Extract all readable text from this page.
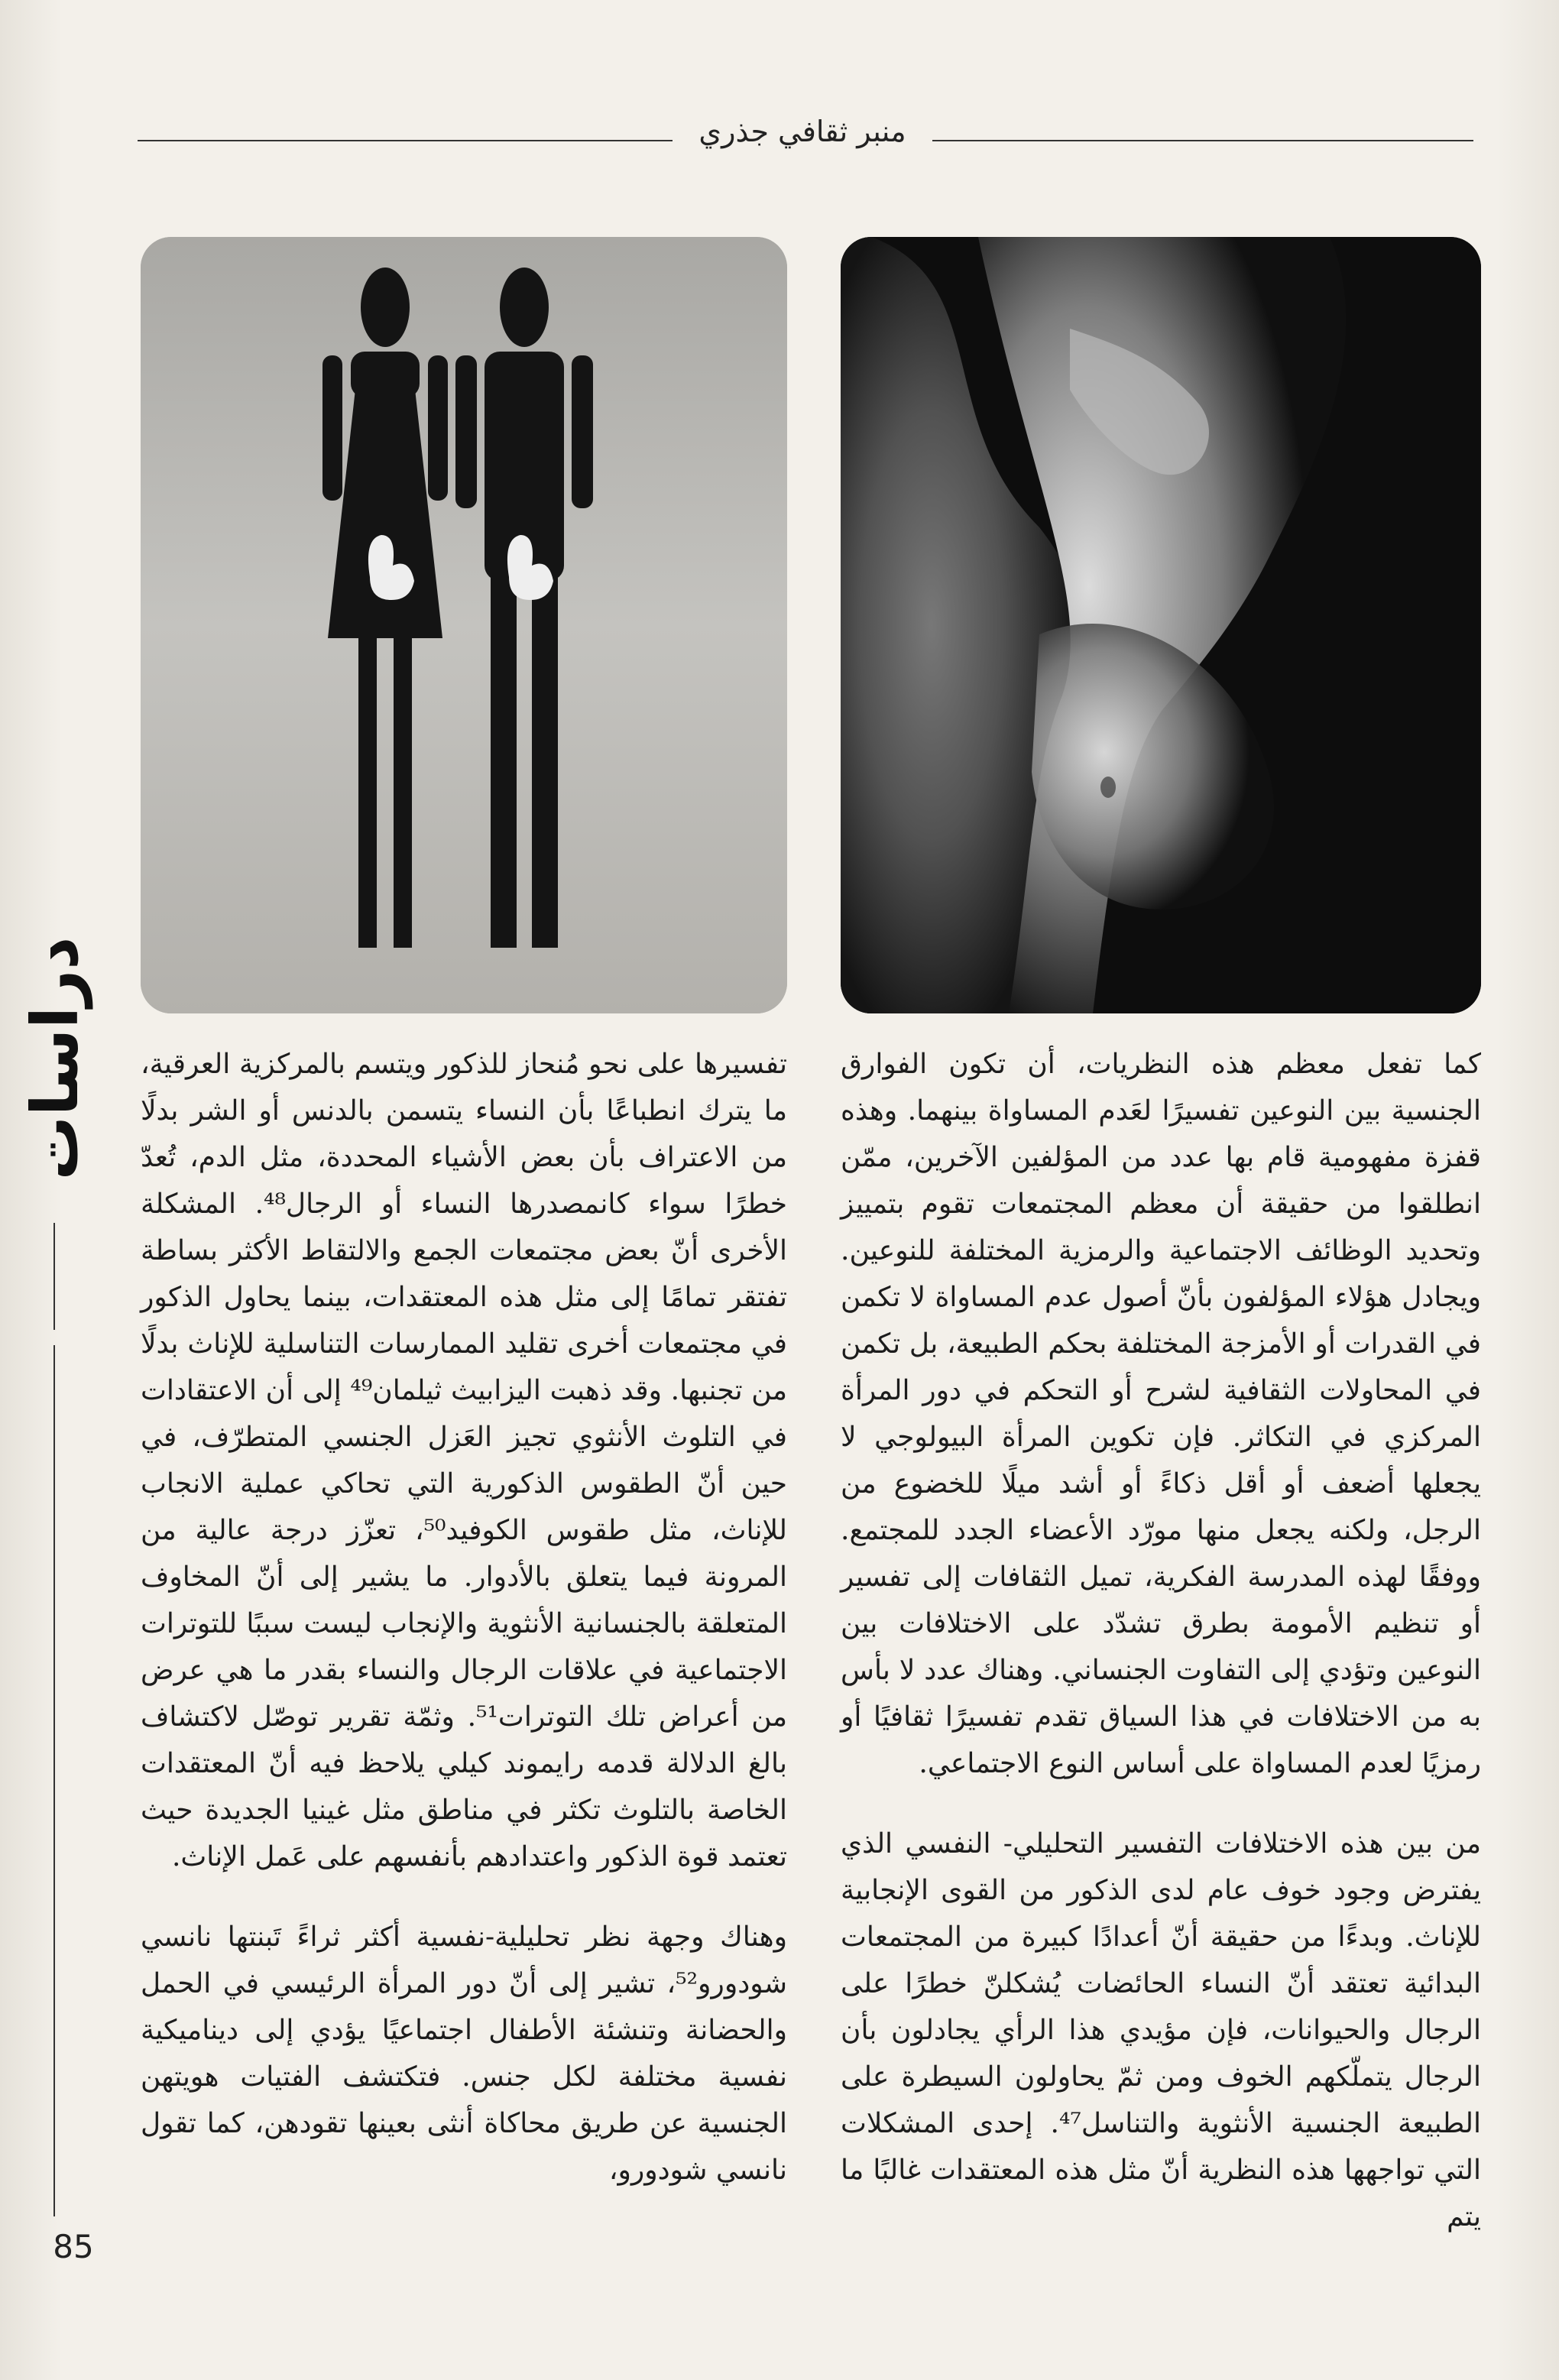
منبر ثقافي جذري
دراسات
85

كما تفعل معظم هذه النظريات، أن تكون الفوارق الجنسية بين النوعين تفسيرًا لعَدم المساواة بينهما. وهذه قفزة مفهومية قام بها عدد من المؤلفين الآخرين، ممّن انطلقوا من حقيقة أن معظم المجتمعات تقوم بتمييز وتحديد الوظائف الاجتماعية والرمزية المختلفة للنوعين. ويجادل هؤلاء المؤلفون بأنّ أصول عدم المساواة لا تكمن في القدرات أو الأمزجة المختلفة بحكم الطبيعة، بل تكمن في المحاولات الثقافية لشرح أو التحكم في دور المرأة المركزي في التكاثر. فإن تكوين المرأة البيولوجي لا يجعلها أضعف أو أقل ذكاءً أو أشد ميلًا للخضوع من الرجل، ولكنه يجعل منها مورّد الأعضاء الجدد للمجتمع. ووفقًا لهذه المدرسة الفكرية، تميل الثقافات إلى تفسير أو تنظيم الأمومة بطرق تشدّد على الاختلافات بين النوعين وتؤدي إلى التفاوت الجنساني. وهناك عدد لا بأس به من الاختلافات في هذا السياق تقدم تفسيرًا ثقافيًا أو رمزيًا لعدم المساواة على أساس النوع الاجتماعي.

من بين هذه الاختلافات التفسير التحليلي- النفسي الذي يفترض وجود خوف عام لدى الذكور من القوى الإنجابية للإناث. وبدءًا من حقيقة أنّ أعدادًا كبيرة من المجتمعات البدائية تعتقد أنّ النساء الحائضات يُشكلنّ خطرًا على الرجال والحيوانات، فإن مؤيدي هذا الرأي يجادلون بأن الرجال يتملّكهم الخوف ومن ثمّ يحاولون السيطرة على الطبيعة الجنسية الأنثوية والتناسل⁴⁷. إحدى المشكلات التي تواجهها هذه النظرية أنّ مثل هذه المعتقدات غالبًا ما يتم

تفسيرها على نحو مُنحاز للذكور ويتسم بالمركزية العرقية، ما يترك انطباعًا بأن النساء يتسمن بالدنس أو الشر بدلًا من الاعتراف بأن بعض الأشياء المحددة، مثل الدم، تُعدّ خطرًا سواء كانمصدرها النساء أو الرجال⁴⁸. المشكلة الأخرى أنّ بعض مجتمعات الجمع والالتقاط الأكثر بساطة تفتقر تمامًا إلى مثل هذه المعتقدات، بينما يحاول الذكور في مجتمعات أخرى تقليد الممارسات التناسلية للإناث بدلًا من تجنبها. وقد ذهبت اليزابيث ثيلمان⁴⁹ إلى أن الاعتقادات في التلوث الأنثوي تجيز العَزل الجنسي المتطرّف، في حين أنّ الطقوس الذكورية التي تحاكي عملية الانجاب للإناث، مثل طقوس الكوفيد⁵⁰، تعزّز درجة عالية من المرونة فيما يتعلق بالأدوار. ما يشير إلى أنّ المخاوف المتعلقة بالجنسانية الأنثوية والإنجاب ليست سببًا للتوترات الاجتماعية في علاقات الرجال والنساء بقدر ما هي عرض من أعراض تلك التوترات⁵¹. وثمّة تقرير توصّل لاكتشاف بالغ الدلالة قدمه رايموند كيلي يلاحظ فيه أنّ المعتقدات الخاصة بالتلوث تكثر في مناطق مثل غينيا الجديدة حيث تعتمد قوة الذكور واعتدادهم بأنفسهم على عَمل الإناث.

وهناك وجهة نظر تحليلية-نفسية أكثر ثراءً تَبنتها نانسي شودورو⁵²، تشير إلى أنّ دور المرأة الرئيسي في الحمل والحضانة وتنشئة الأطفال اجتماعيًا يؤدي إلى ديناميكية نفسية مختلفة لكل جنس. فتكتشف الفتيات هويتهن الجنسية عن طريق محاكاة أنثى بعينها تقودهن، كما تقول نانسي شودورو،
